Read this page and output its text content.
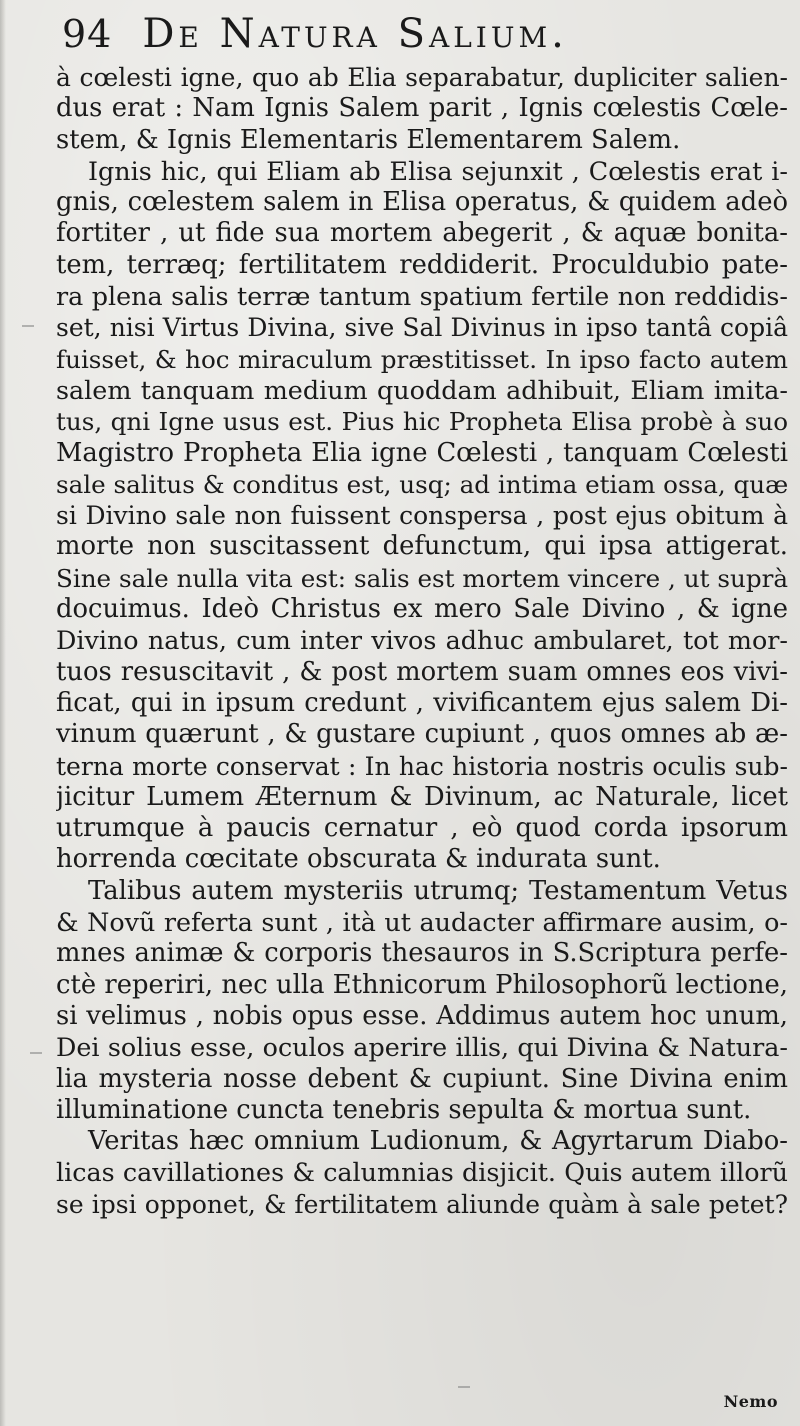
94 De Natura Salium.
à cœlesti igne, quo ab Elia separabatur, dupliciter salien-
dus erat : Nam Ignis Salem parit , Ignis cœlestis Cœle-
stem, & Ignis Elementaris Elementarem Salem.
Ignis hic, qui Eliam ab Elisa sejunxit , Cœlestis erat i-
gnis, cœlestem salem in Elisa operatus, & quidem adeò
fortiter , ut fide sua mortem abegerit , & aquæ bonita-
tem, terræq; fertilitatem reddiderit. Proculdubio pate-
ra plena salis terræ tantum spatium fertile non reddidis-
set, nisi Virtus Divina, sive Sal Divinus in ipso tantâ copiâ
fuisset, & hoc miraculum præstitisset. In ipso facto autem
salem tanquam medium quoddam adhibuit, Eliam imita-
tus, qni Igne usus est. Pius hic Propheta Elisa probè à suo
Magistro Propheta Elia igne Cœlesti , tanquam Cœlesti
sale salitus & conditus est, usq; ad intima etiam ossa, quæ
si Divino sale non fuissent conspersa , post ejus obitum à
morte non suscitassent defunctum, qui ipsa attigerat.
Sine sale nulla vita est: salis est mortem vincere , ut suprà
docuimus. Ideò Christus ex mero Sale Divino , & igne
Divino natus, cum inter vivos adhuc ambularet, tot mor-
tuos resuscitavit , & post mortem suam omnes eos vivi-
ficat, qui in ipsum credunt , vivificantem ejus salem Di-
vinum quærunt , & gustare cupiunt , quos omnes ab æ-
terna morte conservat : In hac historia nostris oculis sub-
jicitur Lumem Æternum & Divinum, ac Naturale, licet
utrumque à paucis cernatur , eò quod corda ipsorum
horrenda cœcitate obscurata & indurata sunt.
Talibus autem mysteriis utrumq; Testamentum Vetus
& Novũ referta sunt , ità ut audacter affirmare ausim, o-
mnes animæ & corporis thesauros in S.Scriptura perfe-
ctè reperiri, nec ulla Ethnicorum Philosophorũ lectione,
si velimus , nobis opus esse. Addimus autem hoc unum,
Dei solius esse, oculos aperire illis, qui Divina & Natura-
lia mysteria nosse debent & cupiunt. Sine Divina enim
illuminatione cuncta tenebris sepulta & mortua sunt.
Veritas hæc omnium Ludionum, & Agyrtarum Diabo-
licas cavillationes & calumnias disjicit. Quis autem illorũ
se ipsi opponet, & fertilitatem aliunde quàm à sale petet?
Nemo
